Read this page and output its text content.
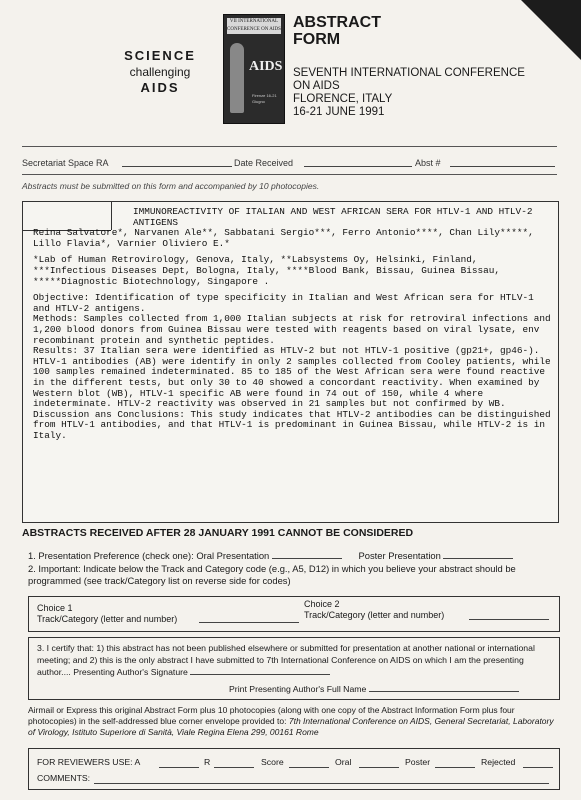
SCIENCE
challenging
AIDS
VII INTERNATIONAL CONFERENCE ON AIDS
AIDS
Firenze 16-21 Giugno
ABSTRACT
FORM
SEVENTH INTERNATIONAL CONFERENCE
ON AIDS
FLORENCE, ITALY
16-21 JUNE 1991
Secretariat Space RA	Date Received	Abst #
Abstracts must be submitted on this form and accompanied by 10 photocopies.

IMMUNOREACTIVITY OF ITALIAN AND WEST AFRICAN SERA FOR HTLV-1 AND HTLV-2 ANTIGENS

Reina Salvatore*, Narvanen Ale**, Sabbatani Sergio***, Ferro Antonio****, Chan Lily*****, Lillo Flavia*, Varnier Oliviero E.*

*Lab of Human Retrovirology, Genova, Italy, **Labsystems Oy, Helsinki, Finland, ***Infectious Diseases Dept, Bologna, Italy, ****Blood Bank, Bissau, Guinea Bissau, *****Diagnostic Biotechnology, Singapore .

Objective: Identification of type specificity in Italian and West African sera for HTLV-1 and HTLV-2 antigens.
Methods: Samples collected from 1,000 Italian subjects at risk for retroviral infections and 1,200 blood donors from Guinea Bissau were tested with reagents based on viral lysate, env recombinant protein and synthetic peptides.
Results: 37 Italian sera were identified as HTLV-2 but not HTLV-1 positive (gp21+, gp46-). HTLV-1 antibodies (AB) were identify in only 2 samples collected from Cooley patients, while 100 samples remained indeterminated. 85 to 185 of the West African sera were found reactive in the different tests, but only 30 to 40 showed a concordant reactivity. When examined by Western blot (WB), HTLV-1 specific AB were found in 74 out of 150, while 4 where indeterminate. HTLV-2 reactivity was observed in 21 samples but not confirmed by WB.
Discussion ans Conclusions: This study indicates that HTLV-2 antibodies can be distinguished from HTLV-1 antibodies, and that HTLV-1 is predominant in Guinea Bissau, while HTLV-2 is in Italy.

ABSTRACTS RECEIVED AFTER 28 JANUARY 1991 CANNOT BE CONSIDERED
1. Presentation Preference (check one): Oral Presentation	Poster Presentation
2. Important: Indicate below the Track and Category code (e.g., A5, D12) in which you believe your abstract should be programmed (see track/Category list on reverse side for codes)
Choice 1
Track/Category (letter and number)
Choice 2
Track/Category (letter and number)
3. I certify that: 1) this abstract has not been published elsewhere or submitted for presentation at another national or international meeting; and 2) this is the only abstract I have submitted to 7th International Conference on AIDS on which I am the presenting author.... Presenting Author's Signature
Print Presenting Author's Full Name
Airmail or Express this original Abstract Form plus 10 photocopies (along with one copy of the Abstract Information Form plus four photocopies) in the self-addressed blue corner envelope provided to: 7th International Conference on AIDS, General Secretariat, Laboratory of Virology, Istituto Superiore di Sanità, Viale Regina Elena 299, 00161 Rome
FOR REVIEWERS USE: A	R	Score	Oral	Poster	Rejected
COMMENTS:
